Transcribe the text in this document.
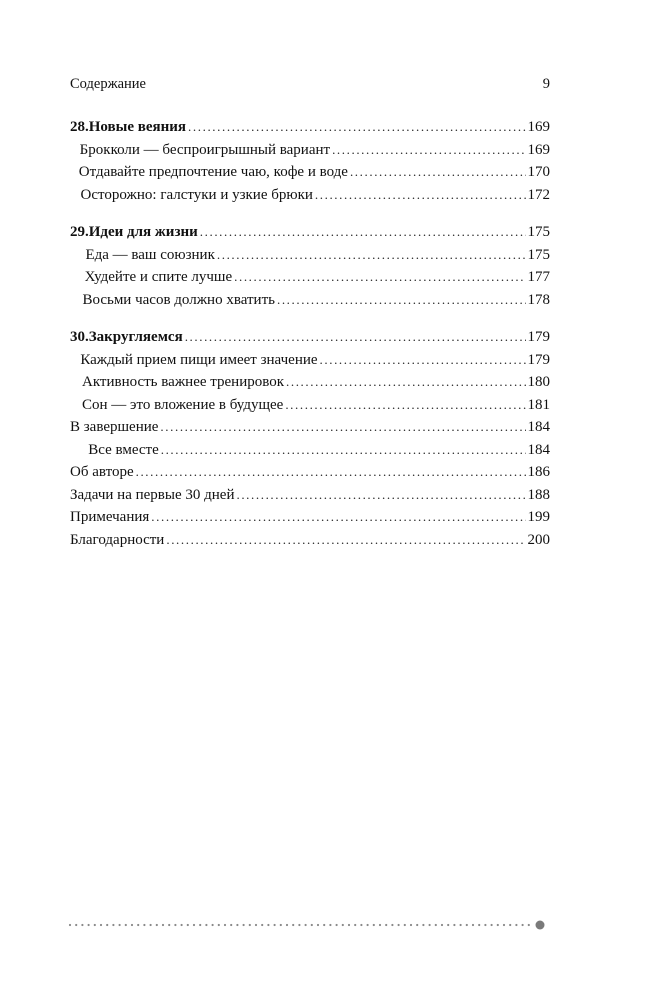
Содержание	9
28. Новые веяния .....	169
Брокколи — беспроигрышный вариант .....	169
Отдавайте предпочтение чаю, кофе и воде .....	170
Осторожно: галстуки и узкие брюки .....	172
29. Идеи для жизни .....	175
Еда — ваш союзник .....	175
Худейте и спите лучше .....	177
Восьми часов должно хватить .....	178
30. Закругляемся .....	179
Каждый прием пищи имеет значение .....	179
Активность важнее тренировок .....	180
Сон — это вложение в будущее .....	181
В завершение .....	184
Все вместе .....	184
Об авторе .....	186
Задачи на первые 30 дней .....	188
Примечания .....	199
Благодарности .....	200
